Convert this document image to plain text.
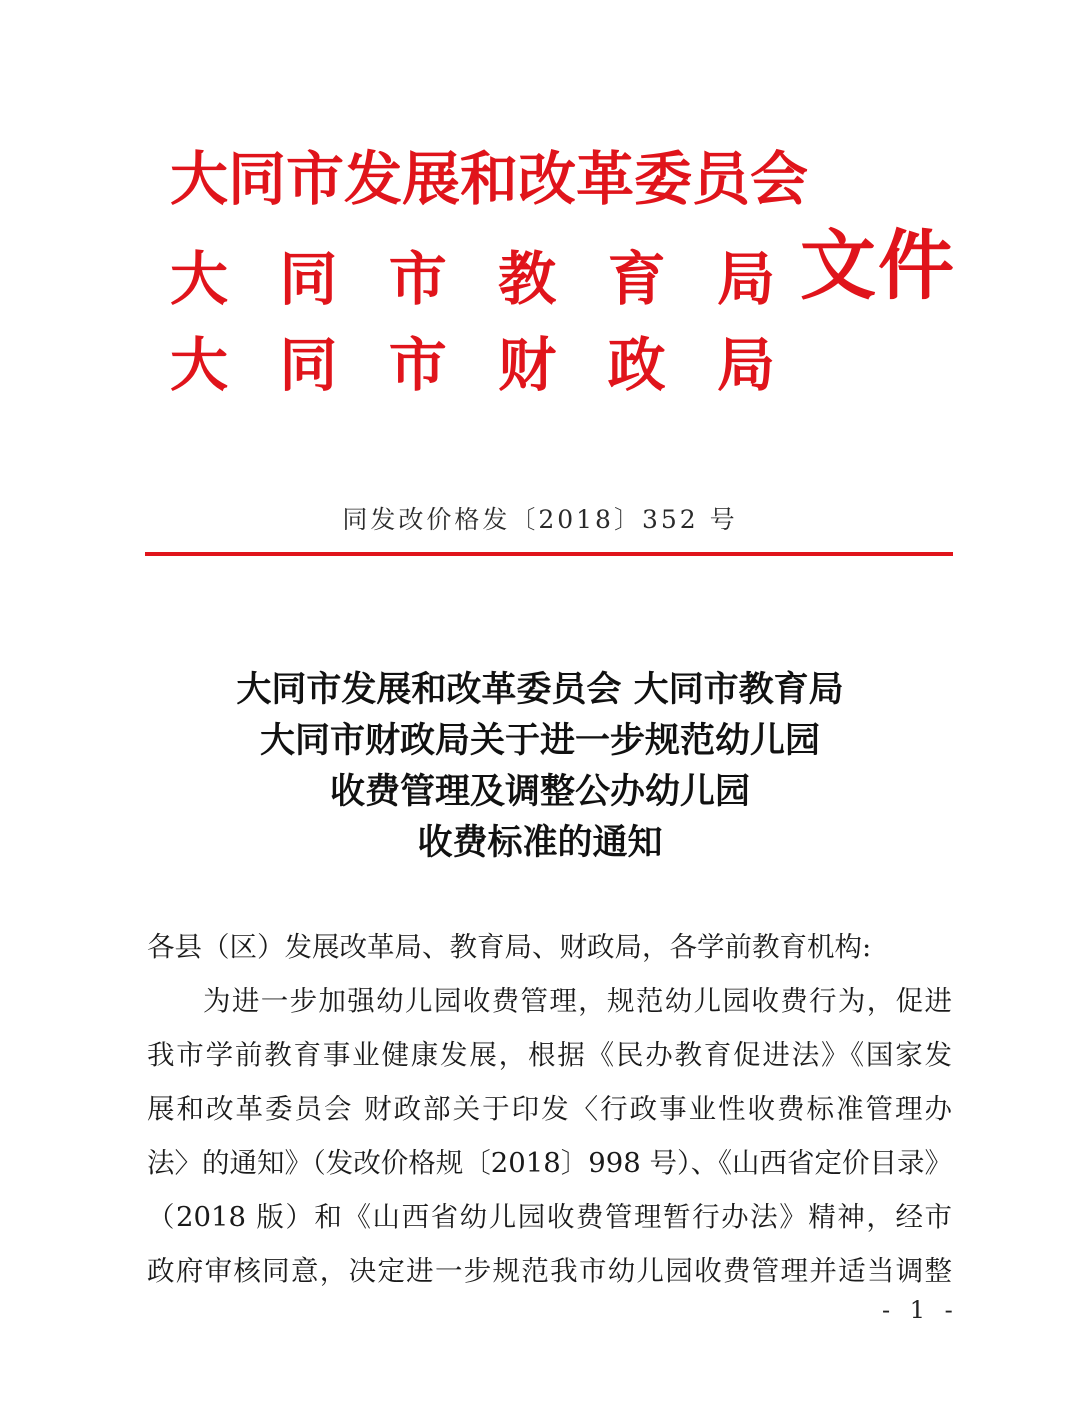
大同市发展和改革委员会
大 同 市 教 育 局
大 同 市 财 政 局
文件
同发改价格发〔2018〕352 号
大同市发展和改革委员会 大同市教育局
大同市财政局关于进一步规范幼儿园
收费管理及调整公办幼儿园
收费标准的通知
各县（区）发展改革局、教育局、财政局，各学前教育机构:
为进一步加强幼儿园收费管理，规范幼儿园收费行为，促进
我市学前教育事业健康发展，根据《民办教育促进法》《国家发
展和改革委员会 财政部关于印发〈行政事业性收费标准管理办
法〉的通知》（发改价格规〔2018〕998 号）、《山西省定价目录》
（2018 版）和《山西省幼儿园收费管理暂行办法》精神，经市
政府审核同意，决定进一步规范我市幼儿园收费管理并适当调整
- 1 -
